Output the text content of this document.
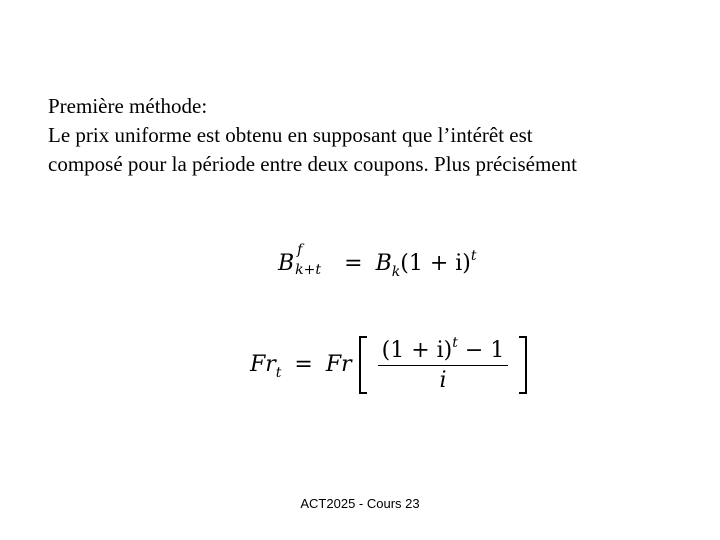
Première méthode:
Le prix uniforme est obtenu en supposant que l’intérêt est
composé pour la période entre deux coupons. Plus précisément
B
f
$k+t = B_k(1 + i)^t$
$Fr_t = Fr \frac{(1 + i)^t - 1}{i}$

ACT2025 - Cours 23
